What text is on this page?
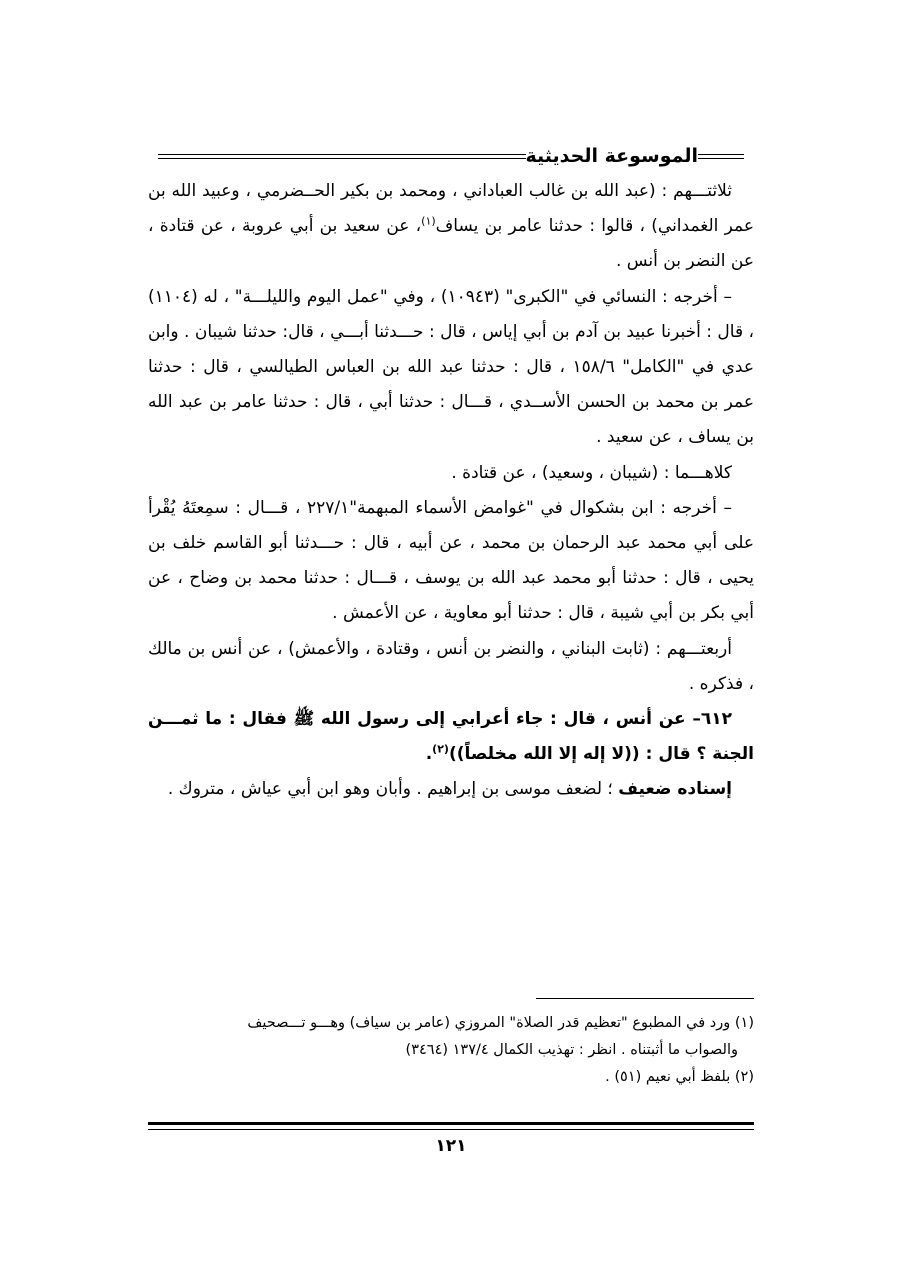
الموسوعة الحديثية

ثلاثتـــهم : (عبد الله بن غالب العباداني ، ومحمد بن بكير الحــضرمي ، وعبيد الله بن عمر الغمداني) ، قالوا : حدثنا عامر بن يساف$^{(١)}$، عن سعيد بن أبي عروبة ، عن قتادة ، عن النضر بن أنس .

– أخرجه : النسائي في "الكبرى" (١٠٩٤٣) ، وفي "عمل اليوم والليلـــة" ، له (١١٠٤) ، قال : أخبرنا عبيد بن آدم بن أبي إياس ، قال : حـــدثنا أبـــي ، قال: حدثنا شيبان . وابن عدي في "الكامل" ١٥٨/٦ ، قال : حدثنا عبد الله بن العباس الطيالسي ، قال : حدثنا عمر بن محمد بن الحسن الأســدي ، قـــال : حدثنا أبي ، قال : حدثنا عامر بن عبد الله بن يساف ، عن سعيد .

كلاهـــما : (شيبان ، وسعيد) ، عن قتادة .

– أخرجه : ابن بشكوال في "غوامض الأسماء المبهمة"٢٢٧/١ ، قـــال : سمِعتَهُ يُقْرأ على أبي محمد عبد الرحمان بن محمد ، عن أبيه ، قال : حـــدثنا أبو القاسم خلف بن يحيى ، قال : حدثنا أبو محمد عبد الله بن يوسف ، قـــال : حدثنا محمد بن وضاح ، عن أبي بكر بن أبي شيبة ، قال : حدثنا أبو معاوية ، عن الأعمش .

أربعتـــهم : (ثابت البناني ، والنضر بن أنس ، وقتادة ، والأعمش) ، عن أنس بن مالك ، فذكره .

٦١٢– عن أنس ، قال : جاء أعرابي إلى رسول الله ﷺ فقال : ما ثمـــن الجنة ؟ قال : ((لا إله إلا الله مخلصاً))$^{(٢)}$.

إسناده ضعيف ؛ لضعف موسى بن إبراهيم . وأبان وهو ابن أبي عياش ، متروك .

(١) ورد في المطبوع "تعظيم قدر الصلاة" المروزي (عامر بن سياف) وهـــو تـــصحيف

والصواب ما أثبتناه . انظر : تهذيب الكمال ١٣٧/٤ (٣٤٦٤)

(٢) بلفظ أبي نعيم (٥١) .

١٢١
